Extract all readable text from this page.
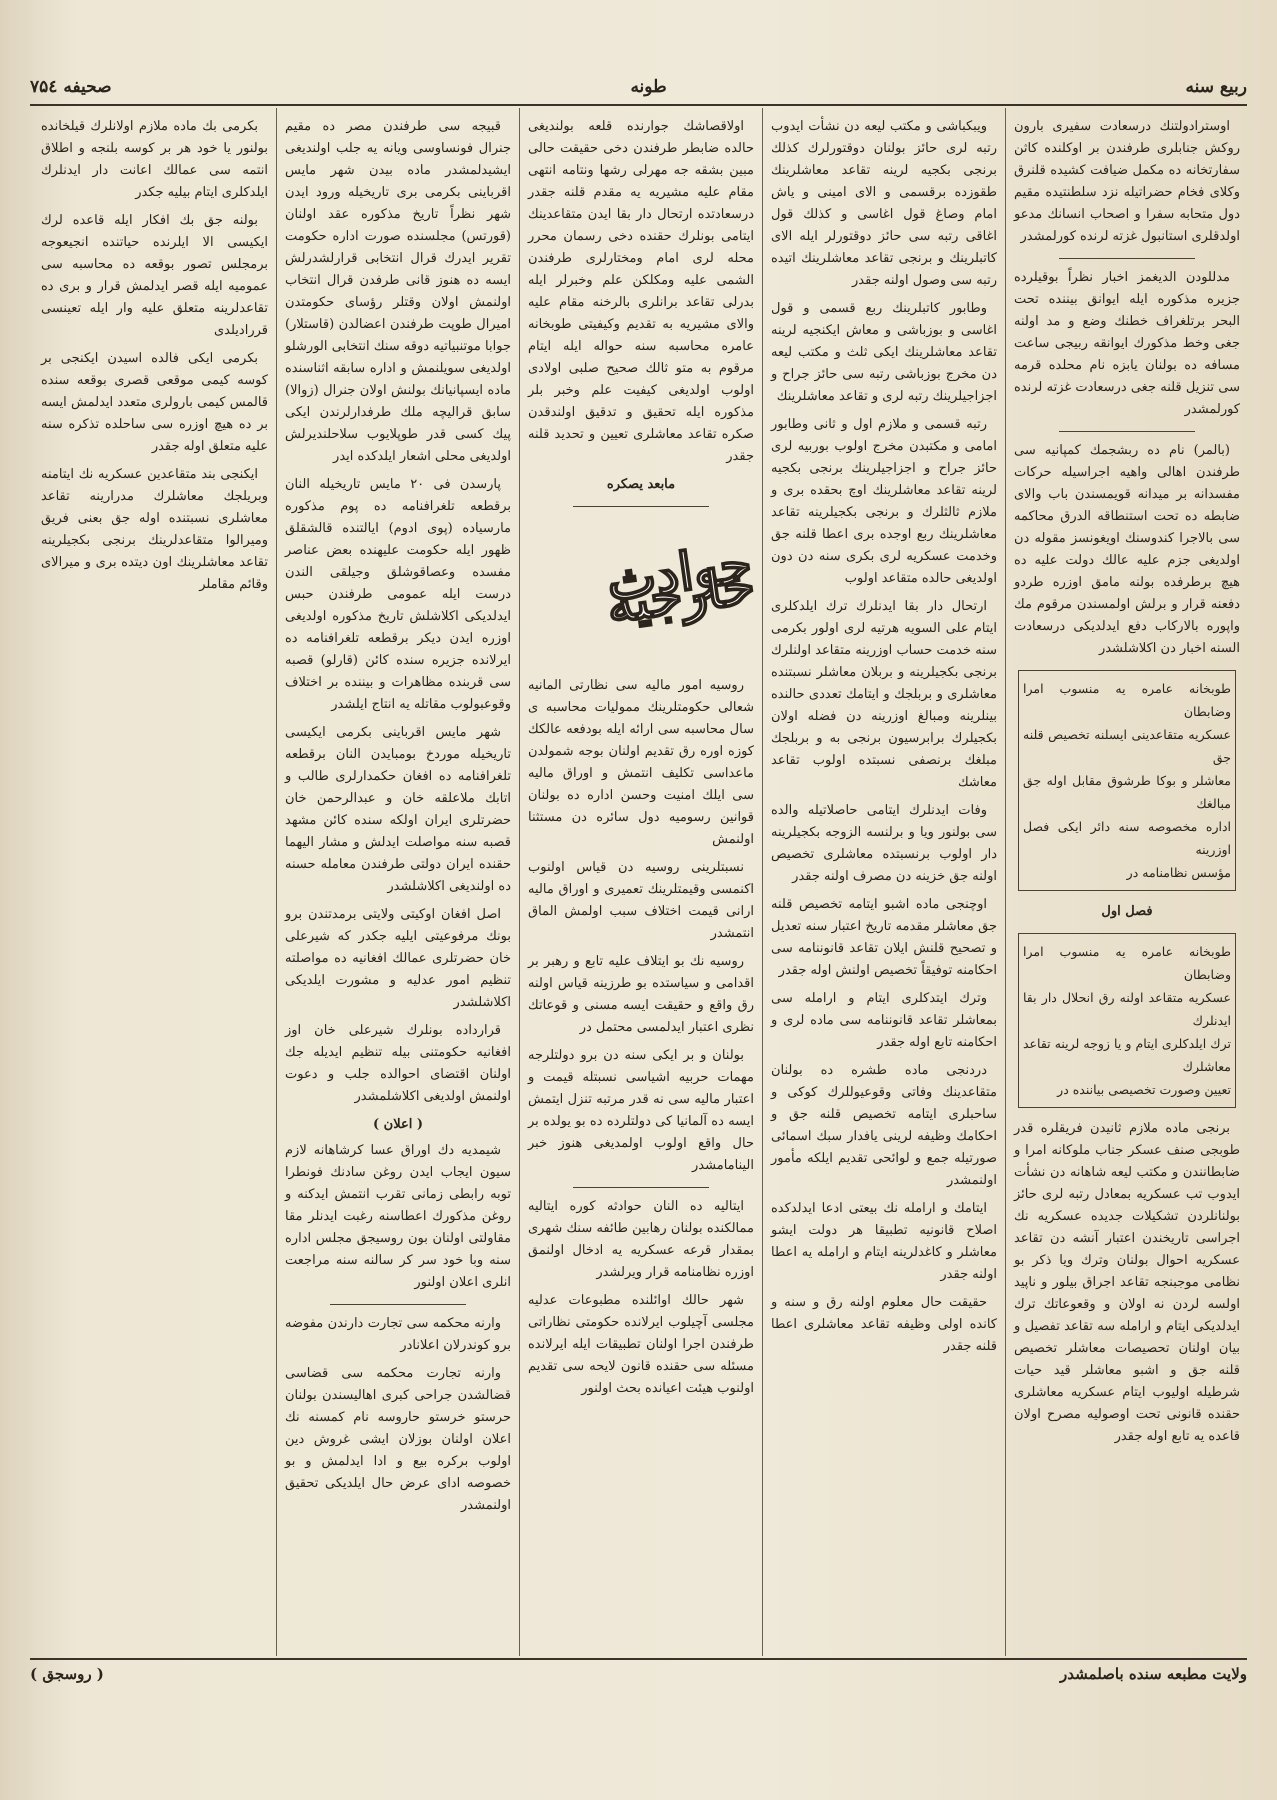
ربیع سنه
طونه
صحیفه ۷۵٤

اوسترادولتنك درسعادت سفیری بارون روكش جنابلری طرفندن بر اوكلنده كاثن سفارتخانه ده مكمل ضیافت كشیده قلنرق وكلای فخام حضراتیله نزد سلطنتیده مقیم دول متحابه سفرا و اصحاب انسانك مدعو اولدقلری استانبول غزته لرنده كورلمشدر

مدللودن الدیغمز اخبار نظراً بوقیلرده جزیره مذكوره ایله ایوانق بیننده تحت البحر برتلغراف خطنك وضع و مد اولنه جغی وخط مذكورك ایوانقه ربیجی ساعت مسافه ده بولنان یابزه نام محلده قرمه سی تنزیل قلنه جغی درسعادت غزته لرنده كورلمشدر

(بالمر) نام ده ربشجمك كمپانیه سی طرفندن اهالی واهیه اجراسیله حركات مفسدانه بر میدانه قویمسندن باب والای ضابطه ده تحت استنطاقه الدرق محاكمه سی بالاجرا كندوسنك اویغونسز مقوله دن اولدیغی جزم علیه عالك دولت علیه ده هیچ برطرفده بولنه مامق اوزره طردو دفعنه قرار و برلش اولمسندن مرقوم مك واپوره بالاركاب دفع ایدلدیكی درسعادت السنه اخبار دن اكلاشلشدر

طوبخانه عامره یه منسوب امرا وضابطان
عسكریه متقاعدینی ایسلنه تخصیص قلنه جق
معاشلر و بوكا طرشوق مقابل اوله جق مبالغك
اداره مخصوصه سنه دائر ایكی فصل اوزرینه
مؤسس نظامنامه در
فصل اول
طوبخانه عامره یه منسوب امرا وضابطان
عسكریه متقاعد اولنه رق انحلال دار بقا ایدنلرك
ترك ایلدكلری ایتام و یا زوجه لرینه تقاعد معاشلرك
تعیین وصورت تخصیصی بیاننده در

برنجی ماده ملازم ثانیدن فریقلره قدر طوبجی صنف عسكر جناب ملوكانه امرا و ضابطانندن و مكتب لیعه شاهانه دن نشأت ایدوب تب عسكریه بمعادل رتبه لری حائز بولنانلردن تشكیلات جدیده عسكریه نك اجراسی تاریخندن اعتبار آنشه دن تقاعد عسكریه احوال بولنان وترك ویا ذكر بو نظامی موجبنجه تقاعد اجراق بیلور و ناپید اولسه لردن نه اولان و وقعوعاتك ترك ایدلدیكی ایتام و ارامله سه تقاعد تفصیل و بیان اولنان تحصیصات معاشلر تخصیص قلنه جق و اشبو معاشلر قید حیات شرطیله اولیوب ایتام عسكریه معاشلری حقنده قانونی تحت اوصولیه مصرح اولان قاعده یه تابع اوله جقدر

ویبكباشی و مكتب لیعه دن نشأت ایدوب رتبه لری حائز بولنان دوقتورلرك كذلك برنجی بكجیه لرینه تقاعد معاشلرینك طقوزده برقسمی و الای امینی و یاش امام وصاغ قول اغاسی و كذلك قول اغاقی رتبه سی حائز دوقتورلر ایله الای كاتبلرینك و برنجی تقاعد معاشلرینك اتیده رتبه سی وصول اولنه جقدر

وطابور كاتبلرینك ربع قسمی و قول اغاسی و بوزباشی و معاش ایكنجیه لرینه تقاعد معاشلرینك ایكی ثلث و مكتب لیعه دن مخرج بوزباشی رتبه سی حائز جراح و اجزاجیلرینك رتبه لری و تقاعد معاشلرینك

رتبه قسمی و ملازم اول و ثانی وطابور امامی و مكتبدن مخرج اولوب بوربیه لری حائز جراح و اجزاجیلرینك برنجی بكجیه لرینه تقاعد معاشلرینك اوچ بحقده بری و ملازم ثالثلرك و برنجی بكجیلرینه تقاعد معاشلرینك ربع اوجده بری اعطا قلنه جق وخدمت عسكریه لری بكری سنه دن دون اولدیغی حالده متقاعد اولوب

ارتحال دار بقا ایدنلرك ترك ایلدكلری ایتام علی السویه هرتیه لری اولور بكرمی سنه خدمت حساب اوزرینه متقاعد اولنلرك برنجی بكجیلرینه و بربلان معاشلر نسبتنده معاشلری و بربلجك و ایتامك تعددی حالنده بینلرینه ومبالغ اوزرینه دن فضله اولان بكجیلرك برابرسیون برنجی به و بربلجك مبلغك برنصفی نسبتده اولوب تقاعد معاشك

وفات ایدنلرك ایتامی حاصلاتیله والده سی بولنور ویا و برلنسه الزوجه بكجیلرینه دار اولوب برنسبتده معاشلری تخصیص اولنه جق خزینه دن مصرف اولنه جقدر

اوچنجی ماده اشبو ایتامه تخصیص قلنه جق معاشلر مقدمه تاریخ اعتبار سنه تعدیل و تصحیح قلنش ایلان تقاعد قانوننامه سی احكامنه توفیقاً تخصیص اولنش اوله جقدر

وترك ایتدكلری ایتام و ارامله سی بمعاشلر تقاعد قانوننامه سی ماده لری و احكامنه تابع اوله جقدر

دردنجی ماده طشره ده بولنان متقاعدینك وفاتی وقوعیوللرك كوكی و ساحبلری ایتامه تخصیص قلنه جق و احكامك وظیفه لرینی یافدار سبك اسمائی صورتیله جمع و لوائحی تقدیم ایلكه مأمور اولنمشدر

ایتامك و ارامله نك بیعتی ادعا ایدلدكده اصلاح قانونیه تطبیقا هر دولت ایشو معاشلر و كاغدلرینه ایتام و ارامله یه اعطا اولنه جقدر

حقیقت حال معلوم اولنه رق و سنه و كانده اولی وظیفه تقاعد معاشلری اعطا قلنه جقدر

اولاقصاشك جوارنده قلعه بولندیغی حالده ضابطر طرفندن دخی حقیقت حالی مبین بشقه جه مهرلی رشها ونتامه انتهی مقام علیه مشیریه یه مقدم قلنه جقدر درسعادتده ارتحال دار بقا ایدن متقاعدینك ایتامی بونلرك حقنده دخی رسمان محرر محله لری امام ومختارلری طرفندن الشمی علیه ومكلكن علم وخبرلر ایله بدرلی تقاعد برانلری بالرخنه مقام علیه والای مشیریه به تقدیم وكیفیتی طوبخانه عامره محاسبه سنه حواله ایله ایتام مرقوم به متو ثالك صحیح صلبی اولادی اولوب اولدیغی كیفیت علم وخبر بلر مذكوره ایله تحقیق و تدقیق اولندقدن صكره تقاعد معاشلری تعیین و تحدید قلنه جقدر

مابعد یصكره
حوادث خارجیه

روسیه امور مالیه سی نظارتی المانیه شعالی حكومتلرینك ممولیات محاسبه ی سال محاسبه سی ارائه ایله بودفعه عالكك كوزه اوره رق تقدیم اولنان بوجه شمولدن ماعداسی تكلیف انتمش و اوراق مالیه سی ایلك امنیت وحسن اداره ده بولنان قوانین رسومیه دول سائره دن مستثنا اولنمش

نسبتلرینی روسیه دن قیاس اولنوب اكنمسی وقیمتلرینك تعمیری و اوراق مالیه ارانی قیمت اختلاف سبب اولمش الماق انتمشدر

روسیه نك بو ایتلاف علیه تابع و رهبر بر اقدامی و سیاستده بو طرزینه قیاس اولنه رق واقع و حقیقت ایسه مسنی و قوعاتك نظری اعتبار ایدلمسی محتمل در

بولنان و بر ایكی سنه دن برو دولتلرجه مهمات حربیه اشیاسی نسبتله قیمت و اعتبار مالیه سی نه قدر مرتبه تنزل ایتمش ایسه ده آلمانیا كی دولتلرده ده بو یولده بر حال واقع اولوب اولمدیغی هنوز خبر الینامامشدر

ایتالیه ده النان حوادثه كوره ایتالیه ممالكنده بولنان رهابین طائفه سنك شهری بمقدار قرعه عسكریه یه ادخال اولنمق اوزره نظامنامه قرار ویرلشدر

شهر حالك اوائلنده مطبوعات عدلیه مجلسی آچیلوب ایرلانده حكومتی نظاراتی طرفندن اجرا اولنان تطبیقات ایله ایرلانده مسئله سی حقنده قانون لایحه سی تقدیم اولنوب هیئت اعیانده بحث اولنور

قبیجه سی طرفندن مصر ده مقیم جنرال فونساوسی ویانه یه جلب اولندیغی ایشیدلمشدر ماده بیدن شهر مایس اقرباینی بكرمی بری تاریخیله ورود ایدن شهر نظراً تاریخ مذكوره عقد اولنان (قورتس) مجلسنده صورت اداره حكومت تقریر ایدرك قرال انتخابی قرارلشدرلش ایسه ده هنوز قانی طرفدن قرال انتخاب اولنمش اولان وقتلر رؤسای حكومتدن امیرال طوپت طرفندن اعضالدن (قاستلار) جوابا موتنبیاتیه دوقه سنك انتخابی الورشلو اولدیغی سویلنمش و اداره سابقه اثناسنده ماده ایسپانیانك بولنش اولان جنرال (زوالا) سابق قرالیچه ملك طرفدارلرندن ایكی پیك كسی قدر طوپلایوب سلاحلندیرلش اولدیغی محلی اشعار ایلدكده ایدر

پارسدن فی ۲۰ مایس تاریخیله النان برقطعه تلغرافنامه ده پوم مذكوره مارسیاده (پوی ادوم) ایالتنده قالشقلق ظهور ایله حكومت علیهنده بعض عناصر مفسده وعصاقوشلق وجیلقی الندن درست ایله عمومی طرفندن حبس ایدلدیكی اكلاشلش تاریخ مذكوره اولدیغی اوزره ایدن دیكر برقطعه تلغرافنامه ده ایرلانده جزیره سنده كائن (قارلو) قصبه سی قربنده مظاهرات و بیننده بر اختلاف وقوعبولوب مقاتله یه انتاج ایلشدر

شهر مایس اقرباینی بكرمی ایكیسی تاریخیله موردخ بومبایدن النان برقطعه تلغرافنامه ده افغان حكمدارلری طالب و اتابك ملاعلقه خان و عبدالرحمن خان حضرتلری ایران اولكه سنده كائن مشهد قصبه سنه مواصلت ایدلش و مشار الیهما حقنده ایران دولتی طرفندن معامله حسنه ده اولندیغی اكلاشلشدر

اصل افغان اوكیتی ولایتی برمدتندن برو بونك مرفوعیتی ایلیه جكدر كه شیرعلی خان حضرتلری عمالك افغانیه ده مواصلته تنظیم امور عدلیه و مشورت ایلدیكی اكلاشلشدر

قرارداده بونلرك شیرعلی خان اوز افغانیه حكومتنی بیله تنظیم ایدیله جك اولنان اقتضای احوالده جلب و دعوت اولنمش اولدیغی اكلاشلمشدر

( اعلان )

شیمدیه دك اوراق عسا كرشاهانه لازم سیون ایجاب ایدن روغن سادنك فونطرا توبه رابطی زمانی تقرب انتمش ایدكنه و روغن مذكورك اعطاسنه رغبت ایدنلر مقا مقاولتی اولنان بون روسیجق مجلس اداره سنه وبا خود سر كر سالنه سنه مراجعت انلری اعلان اولنور

وارنه محكمه سی تجارت دارندن مفوضه برو كوندرلان اعلانادر

وارنه تجارت محكمه سی قضاسی قضالشدن جراحی كبری اهالیسندن بولنان حرستو خرستو حاروسه نام كمسنه نك اعلان اولنان بوزلان ایشی غروش دین اولوب بركره بیع و ادا ایدلمش و بو خصوصه ادای عرض حال ایلدیكی تحقیق اولنمشدر

بكرمی بك ماده ملازم اولانلرك قیلخانده بولنور یا خود هر بر كوسه بلنجه و اطلاق انتمه سی عمالك اعانت دار ایدنلرك ایلدكلری ایتام بیلیه جكدر

بولنه جق بك افكار ایله قاعده لرك ایكیسی الا ایلرنده حیاتنده انجیعوجه برمجلس تصور بوقعه ده محاسبه سی عمومیه ایله قصر ایدلمش قرار و بری ده تقاعدلرینه متعلق علیه وار ایله تعینسی قررادیلدی

بكرمی ایكی فالده اسیدن ایكنجی بر كوسه كیمی موقعی قصری بوقعه سنده قالمس كیمی بارولری متعدد ایدلمش ایسه بر ده هیچ اوزره سی ساحلده تذكره سنه علیه متعلق اوله جقدر

ایكنجی بند متقاعدین عسكریه نك ایتامنه وبریلجك معاشلرك مدرارینه تقاعد معاشلری نسبتنده اوله جق بعنی فریق ومیرالوا متقاعدلرینك برنجی بكجیلرینه تقاعد معاشلرینك اون دیتده بری و میرالای وقائم مقاملر

ولایت مطبعه سنده باصلمشدر
( روسجق )
